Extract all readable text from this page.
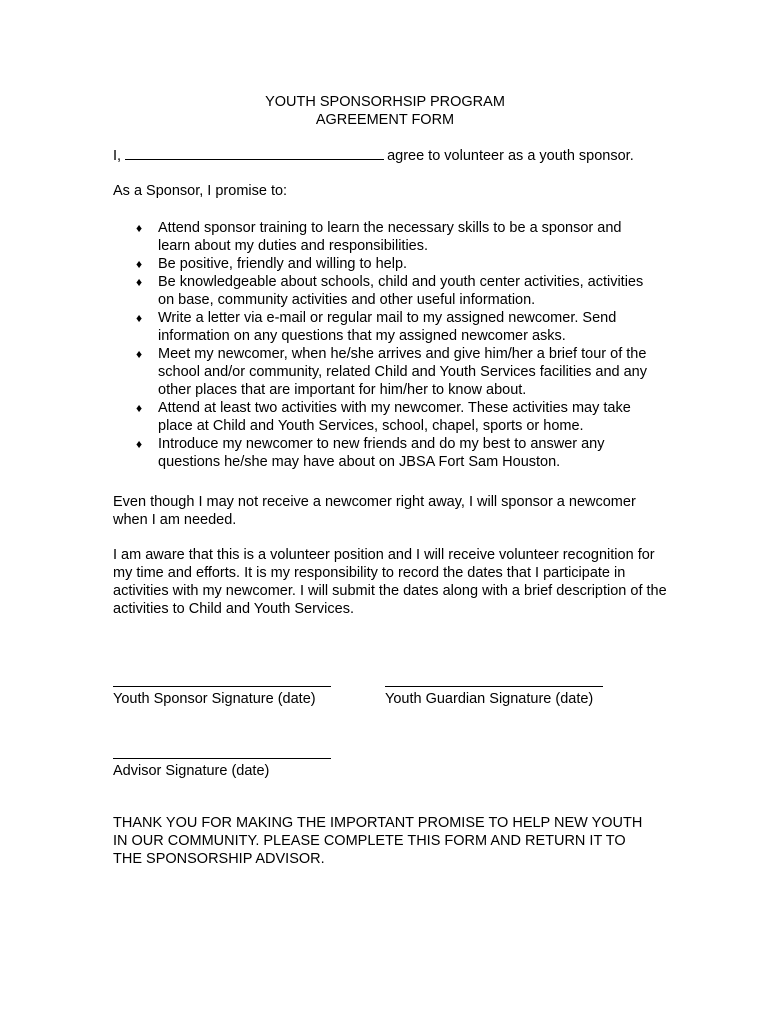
YOUTH SPONSORHSIP PROGRAM
AGREEMENT FORM
I,	agree to volunteer as a youth sponsor.
As a Sponsor, I promise to:
♦ Attend sponsor training to learn the necessary skills to be a sponsor and learn about my duties and responsibilities.
♦ Be positive, friendly and willing to help.
♦ Be knowledgeable about schools, child and youth center activities, activities on base, community activities and other useful information.
♦ Write a letter via e-mail or regular mail to my assigned newcomer. Send information on any questions that my assigned newcomer asks.
♦ Meet my newcomer, when he/she arrives and give him/her a brief tour of the school and/or community, related Child and Youth Services facilities and any other places that are important for him/her to know about.
♦ Attend at least two activities with my newcomer. These activities may take place at Child and Youth Services, school, chapel, sports or home.
♦ Introduce my newcomer to new friends and do my best to answer any questions he/she may have about on JBSA Fort Sam Houston.
Even though I may not receive a newcomer right away, I will sponsor a newcomer when I am needed.
I am aware that this is a volunteer position and I will receive volunteer recognition for my time and efforts. It is my responsibility to record the dates that I participate in activities with my newcomer. I will submit the dates along with a brief description of the activities to Child and Youth Services.
Youth Sponsor Signature (date)	Youth Guardian Signature (date)
Advisor Signature (date)
THANK YOU FOR MAKING THE IMPORTANT PROMISE TO HELP NEW YOUTH IN OUR COMMUNITY. PLEASE COMPLETE THIS FORM AND RETURN IT TO THE SPONSORSHIP ADVISOR.
